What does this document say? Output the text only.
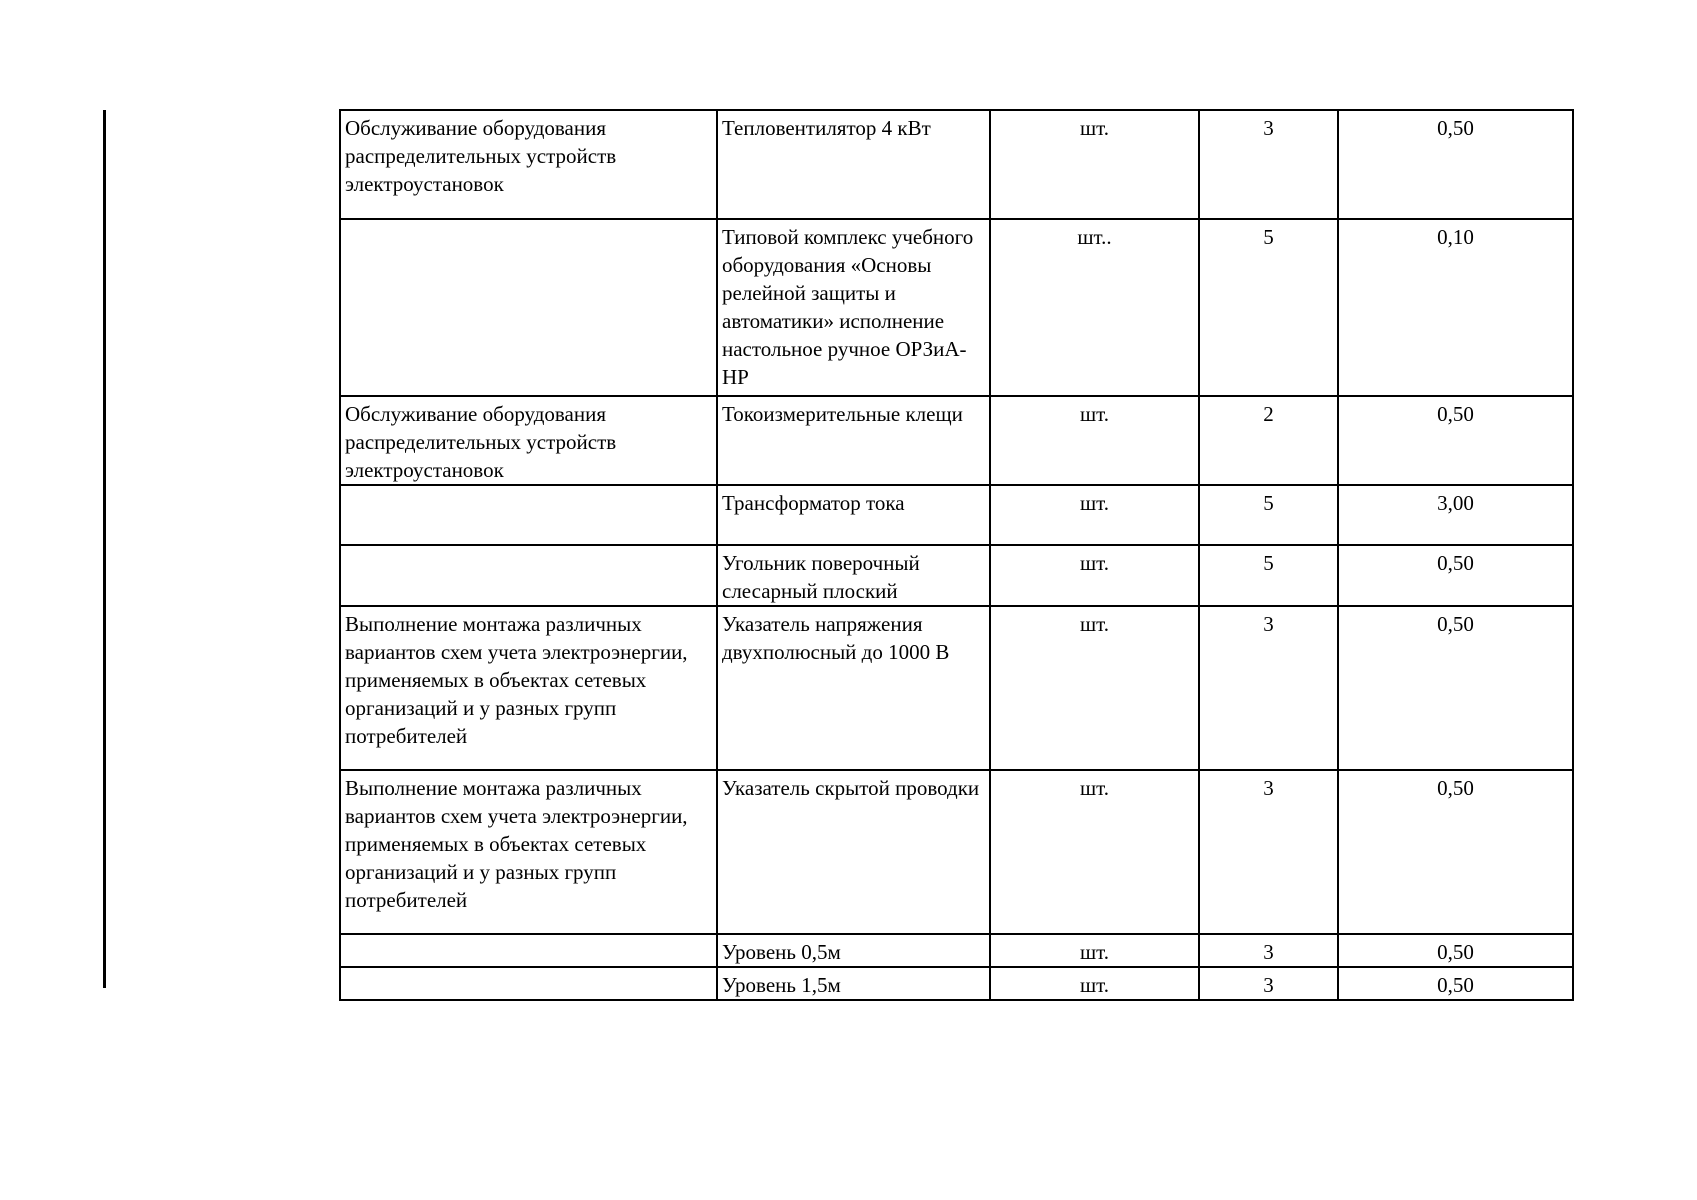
Обслуживание оборудования распределительных устройств электроустановок	Тепловентилятор 4 кВт	шт.	3	0,50
	Типовой комплекс учебного оборудования «Основы релейной защиты и автоматики» исполнение настольное ручное ОРЗиА-НР	шт..	5	0,10
Обслуживание оборудования распределительных устройств электроустановок	Токоизмерительные клещи	шт.	2	0,50
	Трансформатор тока	шт.	5	3,00
	Угольник поверочный слесарный плоский	шт.	5	0,50
Выполнение монтажа различных вариантов схем учета электроэнергии, применяемых в объектах сетевых организаций и у разных групп потребителей	Указатель напряжения двухполюсный до 1000 В	шт.	3	0,50
Выполнение монтажа различных вариантов схем учета электроэнергии, применяемых в объектах сетевых организаций и у разных групп потребителей	Указатель скрытой проводки	шт.	3	0,50
	Уровень 0,5м	шт.	3	0,50
	Уровень 1,5м	шт.	3	0,50
